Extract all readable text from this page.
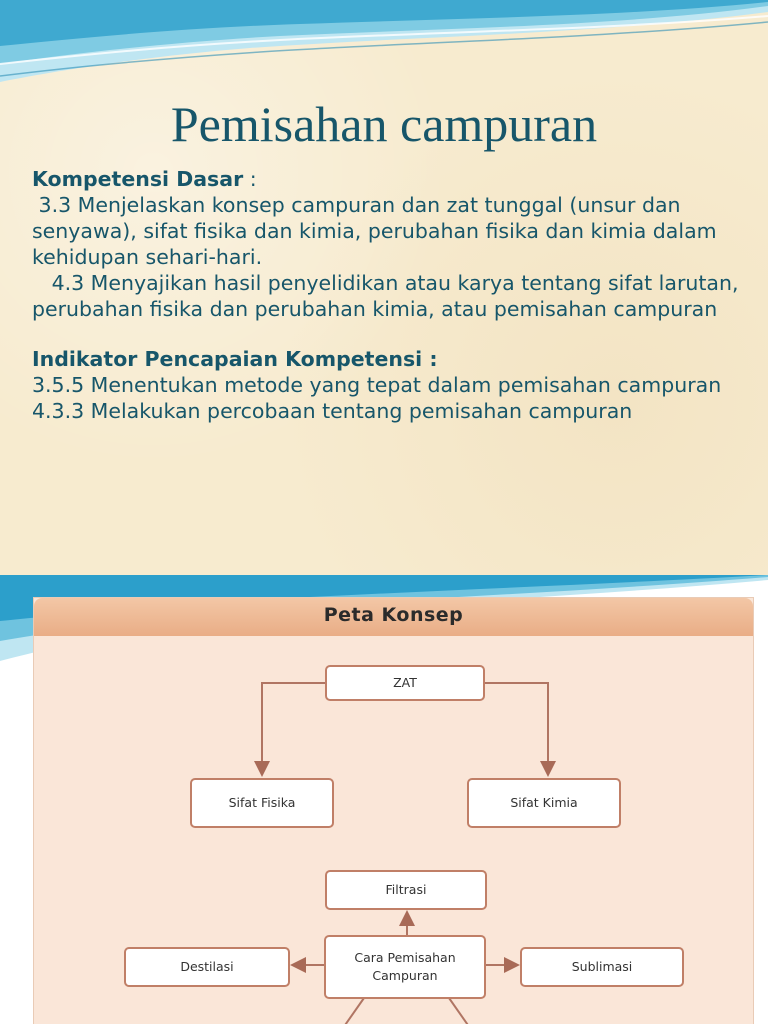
Pemisahan campuran
Kompetensi Dasar :

3.3 Menjelaskan konsep campuran dan zat tunggal (unsur dan senyawa), sifat fisika dan kimia, perubahan fisika dan kimia dalam kehidupan sehari-hari.

4.3 Menyajikan hasil penyelidikan atau karya tentang sifat larutan, perubahan fisika dan perubahan kimia, atau pemisahan campuran

Indikator Pencapaian Kompetensi :
3.5.5 Menentukan metode yang tepat dalam pemisahan campuran
4.3.3 Melakukan percobaan tentang pemisahan campuran
Peta Konsep
ZAT
Sifat Fisika	Sifat Kimia
Filtrasi
Cara Pemisahan Campuran
Destilasi	Sublimasi
